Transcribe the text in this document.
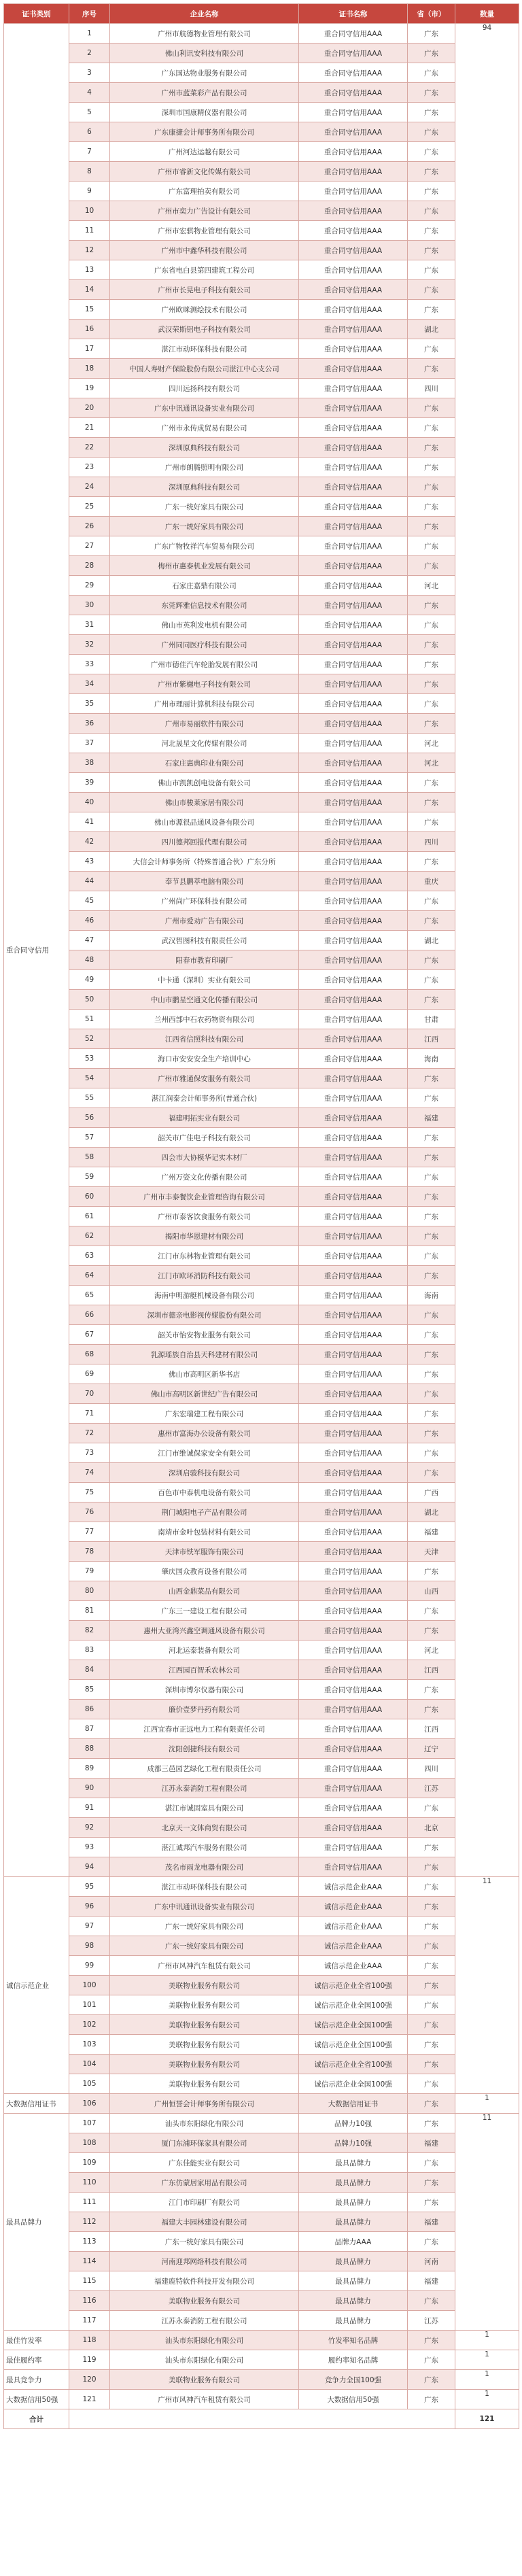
证书类别	序号	企业名称	证书名称	省（市）	数量
重合同守信用	1	广州市航德物业管理有限公司	重合同守信用AAA	广东	94
	2	佛山利讯安科技有限公司	重合同守信用AAA	广东	
	3	广东国达物业服务有限公司	重合同守信用AAA	广东	
	4	广州市蓝菜彩产品有限公司	重合同守信用AAA	广东	
	5	深圳市国康精仪器有限公司	重合同守信用AAA	广东	
	6	广东康捷会计师事务所有限公司	重合同守信用AAA	广东	
	7	广州河达运越有限公司	重合同守信用AAA	广东	
	8	广州市睿新文化传媒有限公司	重合同守信用AAA	广东	
	9	广东富理拍卖有限公司	重合同守信用AAA	广东	
	10	广州市奕力广告设计有限公司	重合同守信用AAA	广东	
	11	广州市宏骐物业管理有限公司	重合同守信用AAA	广东	
	12	广州市中鑫华科技有限公司	重合同守信用AAA	广东	
	13	广东省电白县第四建筑工程公司	重合同守信用AAA	广东	
	14	广州市长晃电子科技有限公司	重合同守信用AAA	广东	
	15	广州欧咪测绘技术有限公司	重合同守信用AAA	广东	
	16	武汉荣斯铝电子科技有限公司	重合同守信用AAA	湖北	
	17	湛江市动环保科技有限公司	重合同守信用AAA	广东	
	18	中国人寿财产保险股份有限公司湛江中心支公司	重合同守信用AAA	广东	
	19	四川远扬科技有限公司	重合同守信用AAA	四川	
	20	广东中讯通讯设备实业有限公司	重合同守信用AAA	广东	
	21	广州市永传成贸易有限公司	重合同守信用AAA	广东	
	22	深圳原典科技有限公司	重合同守信用AAA	广东	
	23	广州市朗腾照明有限公司	重合同守信用AAA	广东	
	24	深圳原典科技有限公司	重合同守信用AAA	广东	
	25	广东一统好家具有限公司	重合同守信用AAA	广东	
	26	广东一统好家具有限公司	重合同守信用AAA	广东	
	27	广东广物牧祥汽车贸易有限公司	重合同守信用AAA	广东	
	28	梅州市惠泰机业发展有限公司	重合同守信用AAA	广东	
	29	石家庄嘉鼎有限公司	重合同守信用AAA	河北	
	30	东莞辉雅信息技术有限公司	重合同守信用AAA	广东	
	31	佛山市英利发电机有限公司	重合同守信用AAA	广东	
	32	广州同同医疗科技有限公司	重合同守信用AAA	广东	
	33	广州市德佳汽车轮胎发展有限公司	重合同守信用AAA	广东	
	34	广州市紫樾电子科技有限公司	重合同守信用AAA	广东	
	35	广州市理丽计算机科技有限公司	重合同守信用AAA	广东	
	36	广州市易丽软件有限公司	重合同守信用AAA	广东	
	37	河北晟星文化传媒有限公司	重合同守信用AAA	河北	
	38	石家庄惠典印业有限公司	重合同守信用AAA	河北	
	39	佛山市凯凯创电设备有限公司	重合同守信用AAA	广东	
	40	佛山市骏莱家居有限公司	重合同守信用AAA	广东	
	41	佛山市源很品通风设备有限公司	重合同守信用AAA	广东	
	42	四川德邦回报代理有限公司	重合同守信用AAA	四川	
	43	大信会计师事务所（特殊普通合伙）广东分所	重合同守信用AAA	广东	
	44	奉节县鹏萃电脑有限公司	重合同守信用AAA	重庆	
	45	广州尚广环保科技有限公司	重合同守信用AAA	广东	
	46	广州市爱劝广告有限公司	重合同守信用AAA	广东	
	47	武汉智图科技有限责任公司	重合同守信用AAA	湖北	
	48	阳春市教育印刷厂	重合同守信用AAA	广东	
	49	中卡通（深圳）实业有限公司	重合同守信用AAA	广东	
	50	中山市鹏星空通文化传播有限公司	重合同守信用AAA	广东	
	51	兰州西部中石农药物资有限公司	重合同守信用AAA	甘肃	
	52	江西省信照科技有限公司	重合同守信用AAA	江西	
	53	海口市安安安全生产培训中心	重合同守信用AAA	海南	
	54	广州市雅通保安服务有限公司	重合同守信用AAA	广东	
	55	湛江润泰会计师事务所(普通合伙)	重合同守信用AAA	广东	
	56	福建明拓实业有限公司	重合同守信用AAA	福建	
	57	韶关市广佳电子科技有限公司	重合同守信用AAA	广东	
	58	四会市大协模华记实木材厂	重合同守信用AAA	广东	
	59	广州万姿文化传播有限公司	重合同守信用AAA	广东	
	60	广州市丰泰餐饮企业管理咨询有限公司	重合同守信用AAA	广东	
	61	广州市泰客饮食服务有限公司	重合同守信用AAA	广东	
	62	揭阳市华恩建材有限公司	重合同守信用AAA	广东	
	63	江门市东林物业管理有限公司	重合同守信用AAA	广东	
	64	江门市欧环消防科技有限公司	重合同守信用AAA	广东	
	65	海南中明游艇机械设备有限公司	重合同守信用AAA	海南	
	66	深圳市德亲电影视传媒股份有限公司	重合同守信用AAA	广东	
	67	韶关市怡安物业服务有限公司	重合同守信用AAA	广东	
	68	乳源瑶族自治县天科建材有限公司	重合同守信用AAA	广东	
	69	佛山市高明区新华书店	重合同守信用AAA	广东	
	70	佛山市高明区新世纪广告有限公司	重合同守信用AAA	广东	
	71	广东宏瑞建工程有限公司	重合同守信用AAA	广东	
	72	惠州市富海办公设备有限公司	重合同守信用AAA	广东	
	73	江门市维诚保家安全有限公司	重合同守信用AAA	广东	
	74	深圳启骏科技有限公司	重合同守信用AAA	广东	
	75	百色市中泰机电设备有限公司	重合同守信用AAA	广西	
	76	荆门城阳电子产品有限公司	重合同守信用AAA	湖北	
	77	南靖市金叶包装材料有限公司	重合同守信用AAA	福建	
	78	天津市铁军服饰有限公司	重合同守信用AAA	天津	
	79	肇庆国众教育设备有限公司	重合同守信用AAA	广东	
	80	山西金鼎菜品有限公司	重合同守信用AAA	山西	
	81	广东三一建设工程有限公司	重合同守信用AAA	广东	
	82	惠州大亚湾兴鑫空调通风设备有限公司	重合同守信用AAA	广东	
	83	河北运泰装备有限公司	重合同守信用AAA	河北	
	84	江西园百智禾农林公司	重合同守信用AAA	江西	
	85	深圳市博尔仪器有限公司	重合同守信用AAA	广东	
	86	廉价壹梦丹药有限公司	重合同守信用AAA	广东	
	87	江西宜春市正远电力工程有限责任公司	重合同守信用AAA	江西	
	88	沈阳创捷科技有限公司	重合同守信用AAA	辽宁	
	89	成都三邑园艺绿化工程有限责任公司	重合同守信用AAA	四川	
	90	江苏永泰消防工程有限公司	重合同守信用AAA	江苏	
	91	湛江市诚固室具有限公司	重合同守信用AAA	广东	
	92	北京天一文体商贸有限公司	重合同守信用AAA	北京	
	93	湛江诚邦汽车服务有限公司	重合同守信用AAA	广东	
	94	茂名市雨龙电器有限公司	重合同守信用AAA	广东	
诚信示范企业	95	湛江市动环保科技有限公司	诚信示范企业AAA	广东	11
	96	广东中讯通讯设备实业有限公司	诚信示范企业AAA	广东	
	97	广东一统好家具有限公司	诚信示范企业AAA	广东	
	98	广东一统好家具有限公司	诚信示范企业AAA	广东	
	99	广州市风神汽车租赁有限公司	诚信示范企业AAA	广东	
	100	美联物业服务有限公司	诚信示范企业全省100强	广东	
	101	美联物业服务有限公司	诚信示范企业全国100强	广东	
	102	美联物业服务有限公司	诚信示范企业全国100强	广东	
	103	美联物业服务有限公司	诚信示范企业全国100强	广东	
	104	美联物业服务有限公司	诚信示范企业全省100强	广东	
	105	美联物业服务有限公司	诚信示范企业全国100强	广东	
大数据信用证书	106	广州恒誉会计师事务所有限公司	大数据信用证书	广东	1
最具品牌力	107	汕头市东阳绿化有限公司	品牌力10强	广东	11
	108	厦门东浦环保家具有限公司	品牌力10强	福建	
	109	广东佳能实业有限公司	最具品牌力	广东	
	110	广东仿蒙居家用品有限公司	最具品牌力	广东	
	111	江门市印刷厂有限公司	最具品牌力	广东	
	112	福建大丰园林建设有限公司	最具品牌力	福建	
	113	广东一统好家具有限公司	品牌力AAA	广东	
	114	河南迎邦网络科技有限公司	最具品牌力	河南	
	115	福建鹿特软件科技开发有限公司	最具品牌力	福建	
	116	美联物业服务有限公司	最具品牌力	广东	
	117	江苏永泰消防工程有限公司	最具品牌力	江苏	
最佳竹发率	118	汕头市东阳绿化有限公司	竹发率知名品牌	广东	1
最佳履约率	119	汕头市东阳绿化有限公司	履约率知名品牌	广东	1
最具竞争力	120	美联物业服务有限公司	竞争力全国100强	广东	1
大数据信用50强	121	广州市风神汽车租赁有限公司	大数据信用50强	广东	1
合计					121
